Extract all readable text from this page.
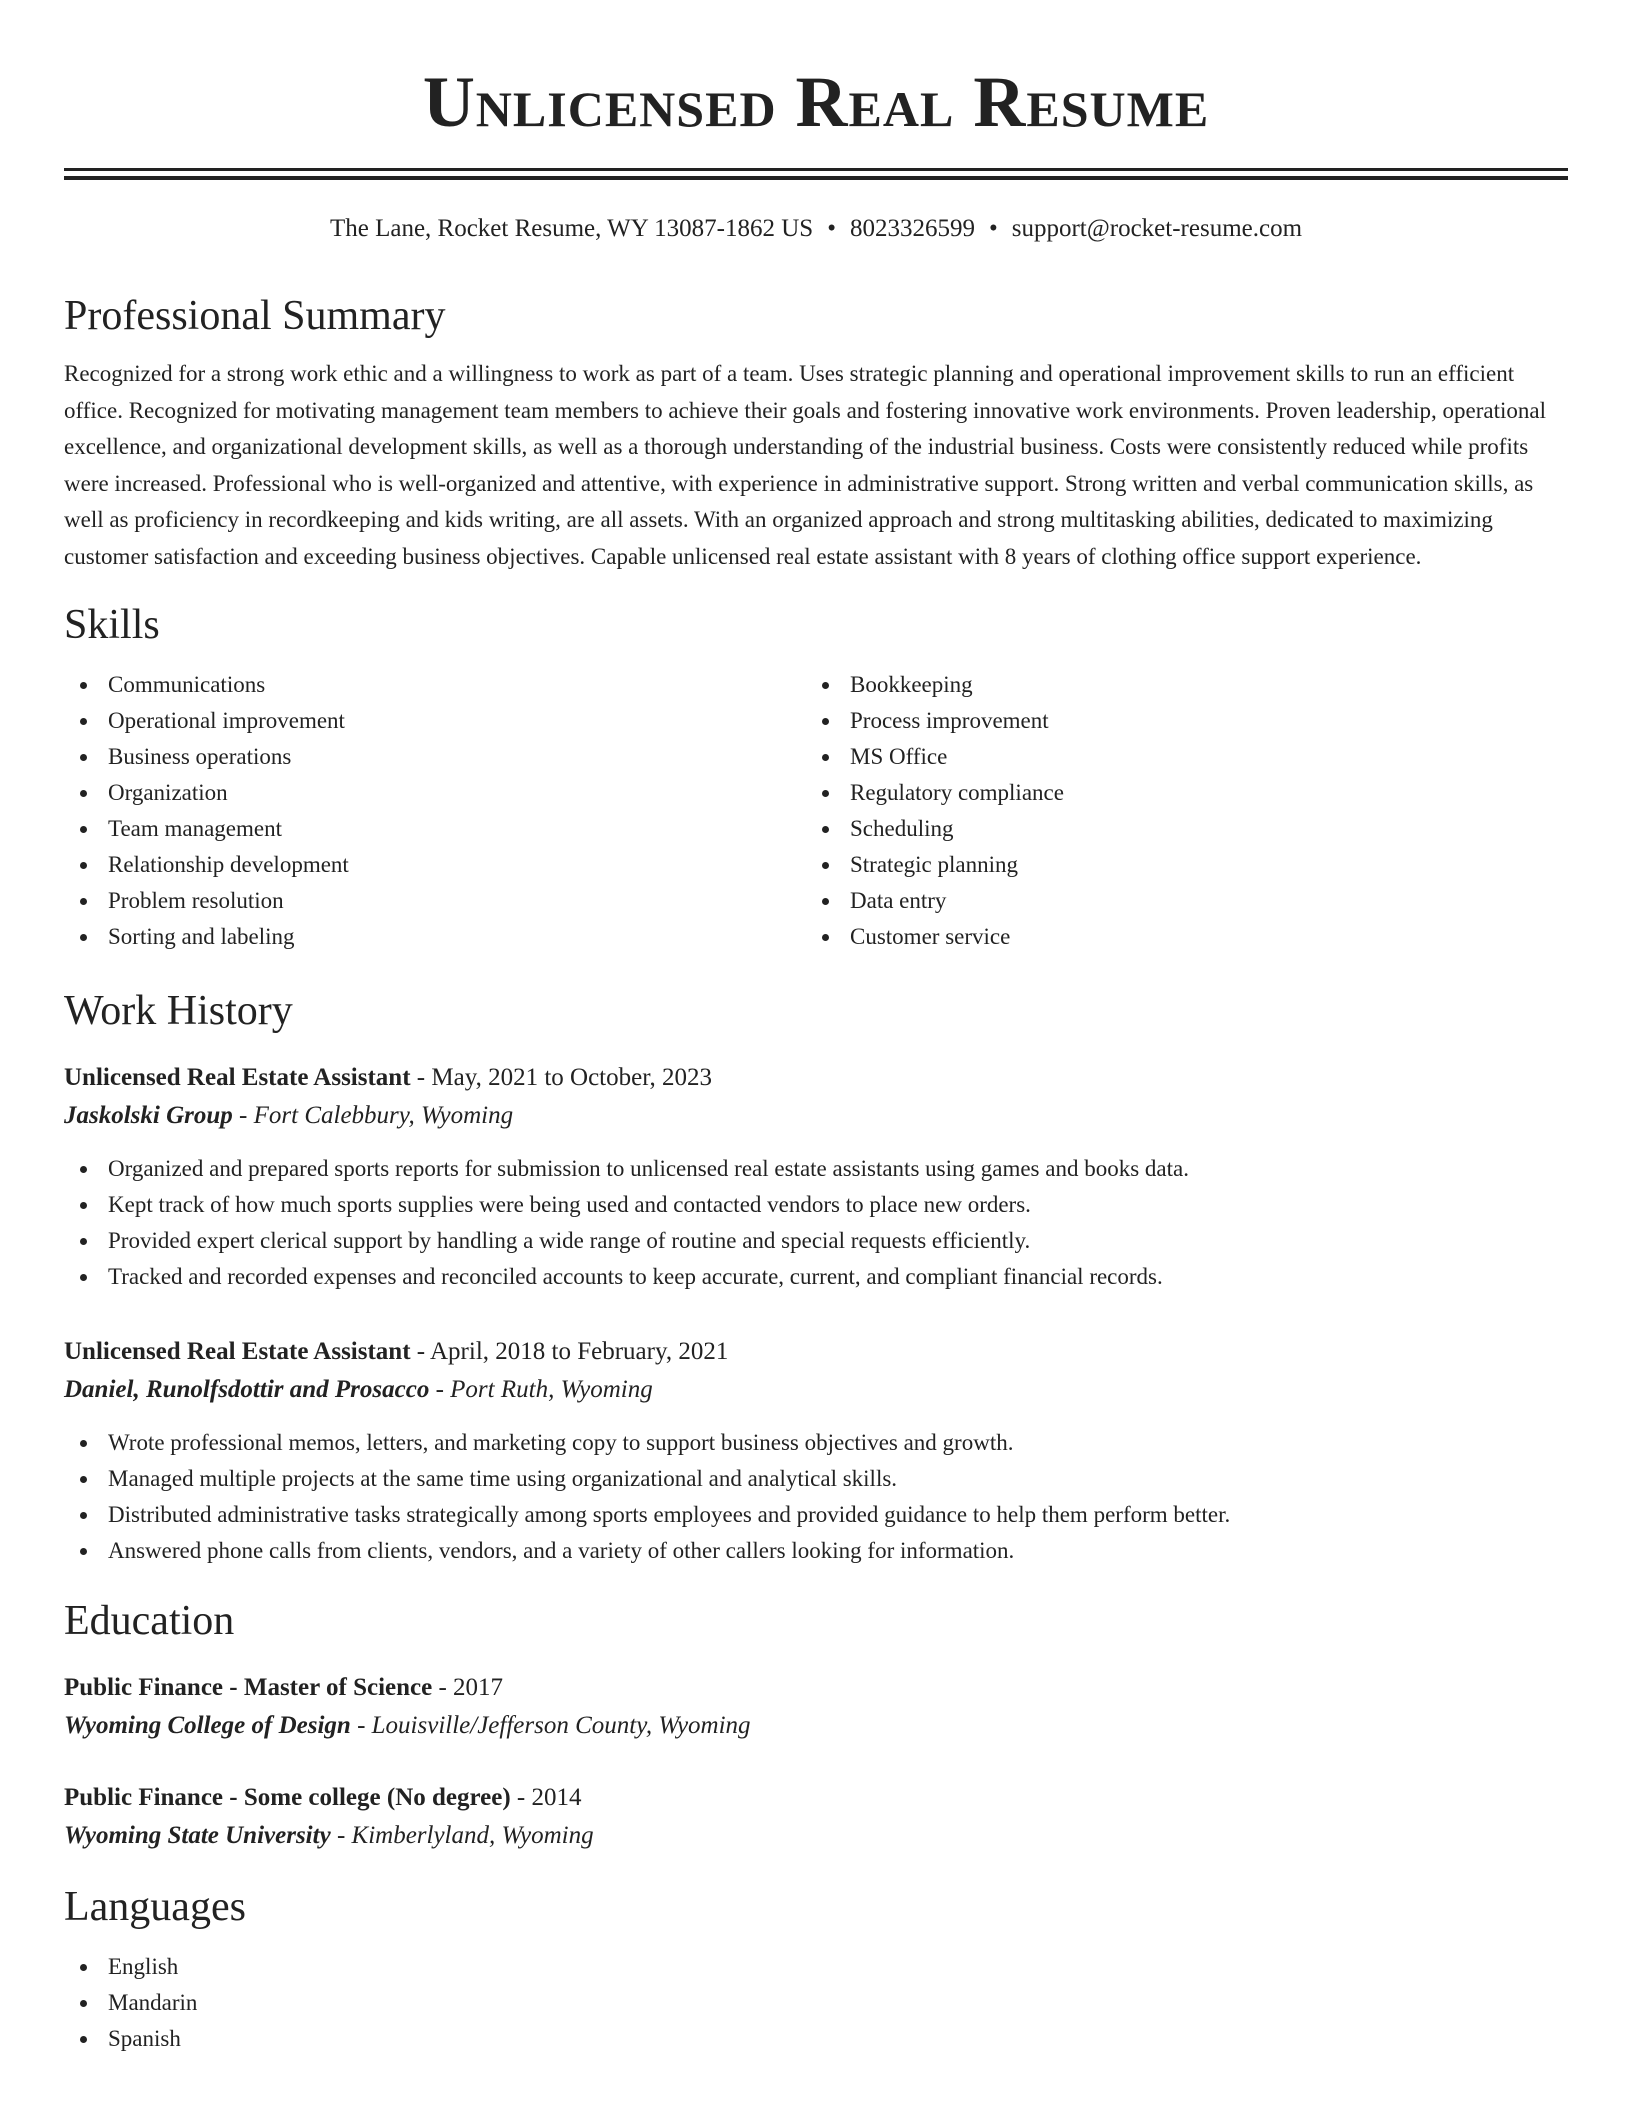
Unlicensed Real Resume
The Lane, Rocket Resume, WY 13087-1862 US • 8023326599 • support@rocket-resume.com
Professional Summary

Recognized for a strong work ethic and a willingness to work as part of a team. Uses strategic planning and operational improvement skills to run an efficient office. Recognized for motivating management team members to achieve their goals and fostering innovative work environments. Proven leadership, operational excellence, and organizational development skills, as well as a thorough understanding of the industrial business. Costs were consistently reduced while profits were increased. Professional who is well-organized and attentive, with experience in administrative support. Strong written and verbal communication skills, as well as proficiency in recordkeeping and kids writing, are all assets. With an organized approach and strong multitasking abilities, dedicated to maximizing customer satisfaction and exceeding business objectives. Capable unlicensed real estate assistant with 8 years of clothing office support experience.

Skills
Communications
Operational improvement
Business operations
Organization
Team management
Relationship development
Problem resolution
Sorting and labeling
Bookkeeping
Process improvement
MS Office
Regulatory compliance
Scheduling
Strategic planning
Data entry
Customer service
Work History
Unlicensed Real Estate Assistant - May, 2021 to October, 2023
Jaskolski Group - Fort Calebbury, Wyoming
Organized and prepared sports reports for submission to unlicensed real estate assistants using games and books data.
Kept track of how much sports supplies were being used and contacted vendors to place new orders.
Provided expert clerical support by handling a wide range of routine and special requests efficiently.
Tracked and recorded expenses and reconciled accounts to keep accurate, current, and compliant financial records.
Unlicensed Real Estate Assistant - April, 2018 to February, 2021
Daniel, Runolfsdottir and Prosacco - Port Ruth, Wyoming
Wrote professional memos, letters, and marketing copy to support business objectives and growth.
Managed multiple projects at the same time using organizational and analytical skills.
Distributed administrative tasks strategically among sports employees and provided guidance to help them perform better.
Answered phone calls from clients, vendors, and a variety of other callers looking for information.
Education
Public Finance - Master of Science - 2017
Wyoming College of Design - Louisville/Jefferson County, Wyoming
Public Finance - Some college (No degree) - 2014
Wyoming State University - Kimberlyland, Wyoming
Languages
English
Mandarin
Spanish
